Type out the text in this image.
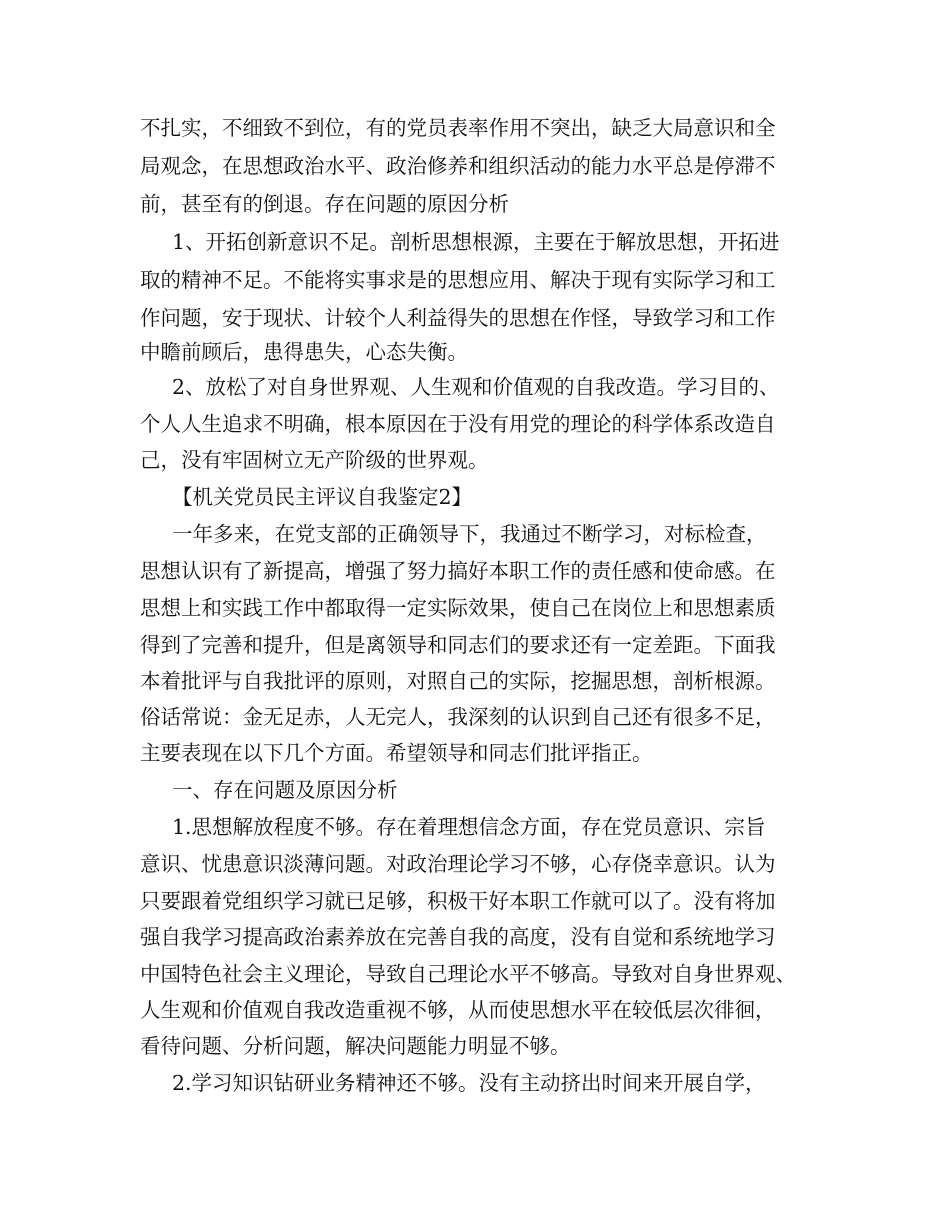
不扎实，不细致不到位，有的党员表率作用不突出，缺乏大局意识和全
局观念，在思想政治水平、政治修养和组织活动的能力水平总是停滞不
前，甚至有的倒退。存在问题的原因分析
1、开拓创新意识不足。剖析思想根源，主要在于解放思想，开拓进
取的精神不足。不能将实事求是的思想应用、解决于现有实际学习和工
作问题，安于现状、计较个人利益得失的思想在作怪，导致学习和工作
中瞻前顾后，患得患失，心态失衡。
2、放松了对自身世界观、人生观和价值观的自我改造。学习目的、
个人人生追求不明确，根本原因在于没有用党的理论的科学体系改造自
己，没有牢固树立无产阶级的世界观。
【机关党员民主评议自我鉴定2】
一年多来，在党支部的正确领导下，我通过不断学习，对标检查，
思想认识有了新提高，增强了努力搞好本职工作的责任感和使命感。在
思想上和实践工作中都取得一定实际效果，使自己在岗位上和思想素质
得到了完善和提升，但是离领导和同志们的要求还有一定差距。下面我
本着批评与自我批评的原则，对照自己的实际，挖掘思想，剖析根源。
俗话常说：金无足赤，人无完人，我深刻的认识到自己还有很多不足，
主要表现在以下几个方面。希望领导和同志们批评指正。
一、存在问题及原因分析
1.思想解放程度不够。存在着理想信念方面，存在党员意识、宗旨
意识、忧患意识淡薄问题。对政治理论学习不够，心存侥幸意识。认为
只要跟着党组织学习就已足够，积极干好本职工作就可以了。没有将加
强自我学习提高政治素养放在完善自我的高度，没有自觉和系统地学习
中国特色社会主义理论，导致自己理论水平不够高。导致对自身世界观、
人生观和价值观自我改造重视不够，从而使思想水平在较低层次徘徊，
看待问题、分析问题，解决问题能力明显不够。
2.学习知识钻研业务精神还不够。没有主动挤出时间来开展自学，
